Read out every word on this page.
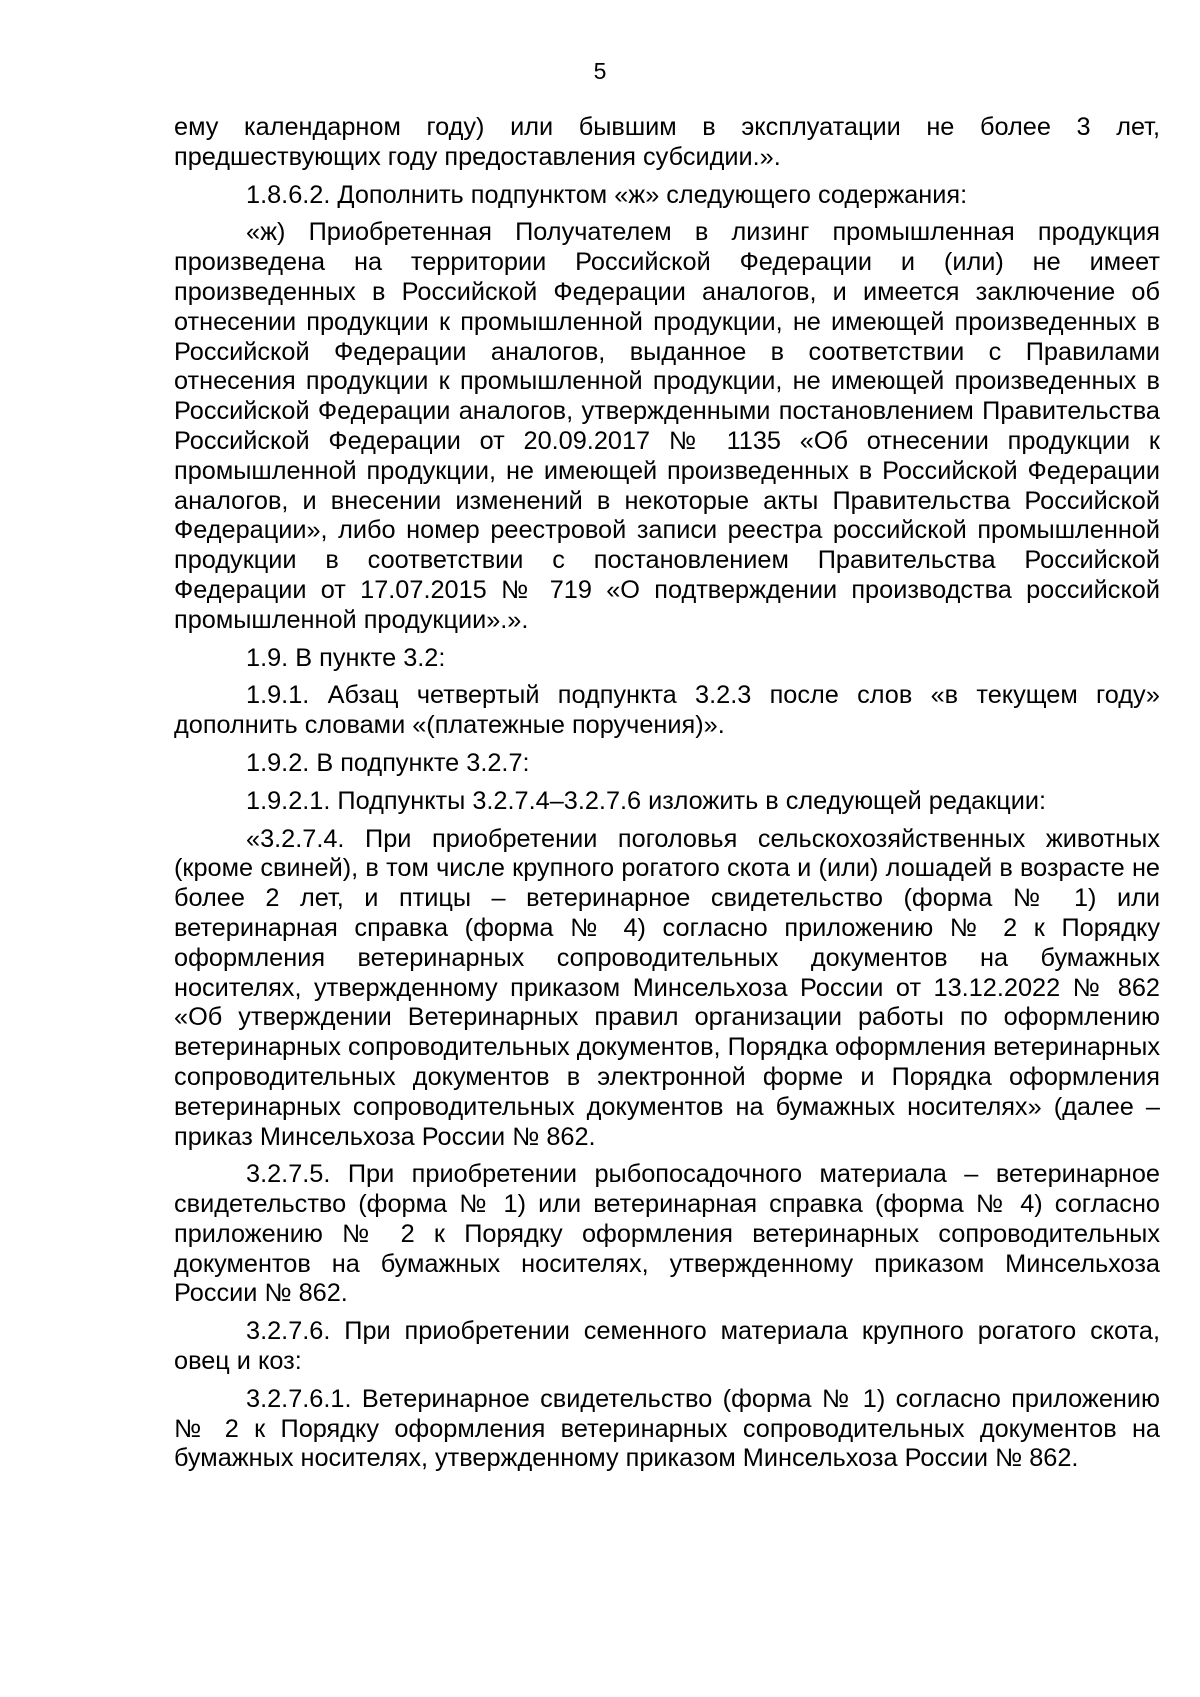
5

ему календарном году) или бывшим в эксплуатации не более 3 лет, предшествующих году предоставления субсидии.».

1.8.6.2. Дополнить подпунктом «ж» следующего содержания:

«ж) Приобретенная Получателем в лизинг промышленная продукция произведена на территории Российской Федерации и (или) не имеет произведенных в Российской Федерации аналогов, и имеется заключение об отнесении продукции к промышленной продукции, не имеющей произведенных в Российской Федерации аналогов, выданное в соответствии с Правилами отнесения продукции к промышленной продукции, не имеющей произведенных в Российской Федерации аналогов, утвержденными постановлением Правительства Российской Федерации от 20.09.2017 № 1135 «Об отнесении продукции к промышленной продукции, не имеющей произведенных в Российской Федерации аналогов, и внесении изменений в некоторые акты Правительства Российской Федерации», либо номер реестровой записи реестра российской промышленной продукции в соответствии с постановлением Правительства Российской Федерации от 17.07.2015 № 719 «О подтверждении производства российской промышленной продукции».».

1.9. В пункте 3.2:

1.9.1. Абзац четвертый подпункта 3.2.3 после слов «в текущем году» дополнить словами «(платежные поручения)».

1.9.2. В подпункте 3.2.7:

1.9.2.1. Подпункты 3.2.7.4–3.2.7.6 изложить в следующей редакции:

«3.2.7.4. При приобретении поголовья сельскохозяйственных животных (кроме свиней), в том числе крупного рогатого скота и (или) лошадей в возрасте не более 2 лет, и птицы – ветеринарное свидетельство (форма № 1) или ветеринарная справка (форма № 4) согласно приложению № 2 к Порядку оформления ветеринарных сопроводительных документов на бумажных носителях, утвержденному приказом Минсельхоза России от 13.12.2022 № 862 «Об утверждении Ветеринарных правил организации работы по оформлению ветеринарных сопроводительных документов, Порядка оформления ветеринарных сопроводительных документов в электронной форме и Порядка оформления ветеринарных сопроводительных документов на бумажных носителях» (далее – приказ Минсельхоза России № 862.

3.2.7.5. При приобретении рыбопосадочного материала – ветеринарное свидетельство (форма № 1) или ветеринарная справка (форма № 4) согласно приложению № 2 к Порядку оформления ветеринарных сопроводительных документов на бумажных носителях, утвержденному приказом Минсельхоза России № 862.

3.2.7.6. При приобретении семенного материала крупного рогатого скота, овец и коз:

3.2.7.6.1. Ветеринарное свидетельство (форма № 1) согласно приложению № 2 к Порядку оформления ветеринарных сопроводительных документов на бумажных носителях, утвержденному приказом Минсельхоза России № 862.
